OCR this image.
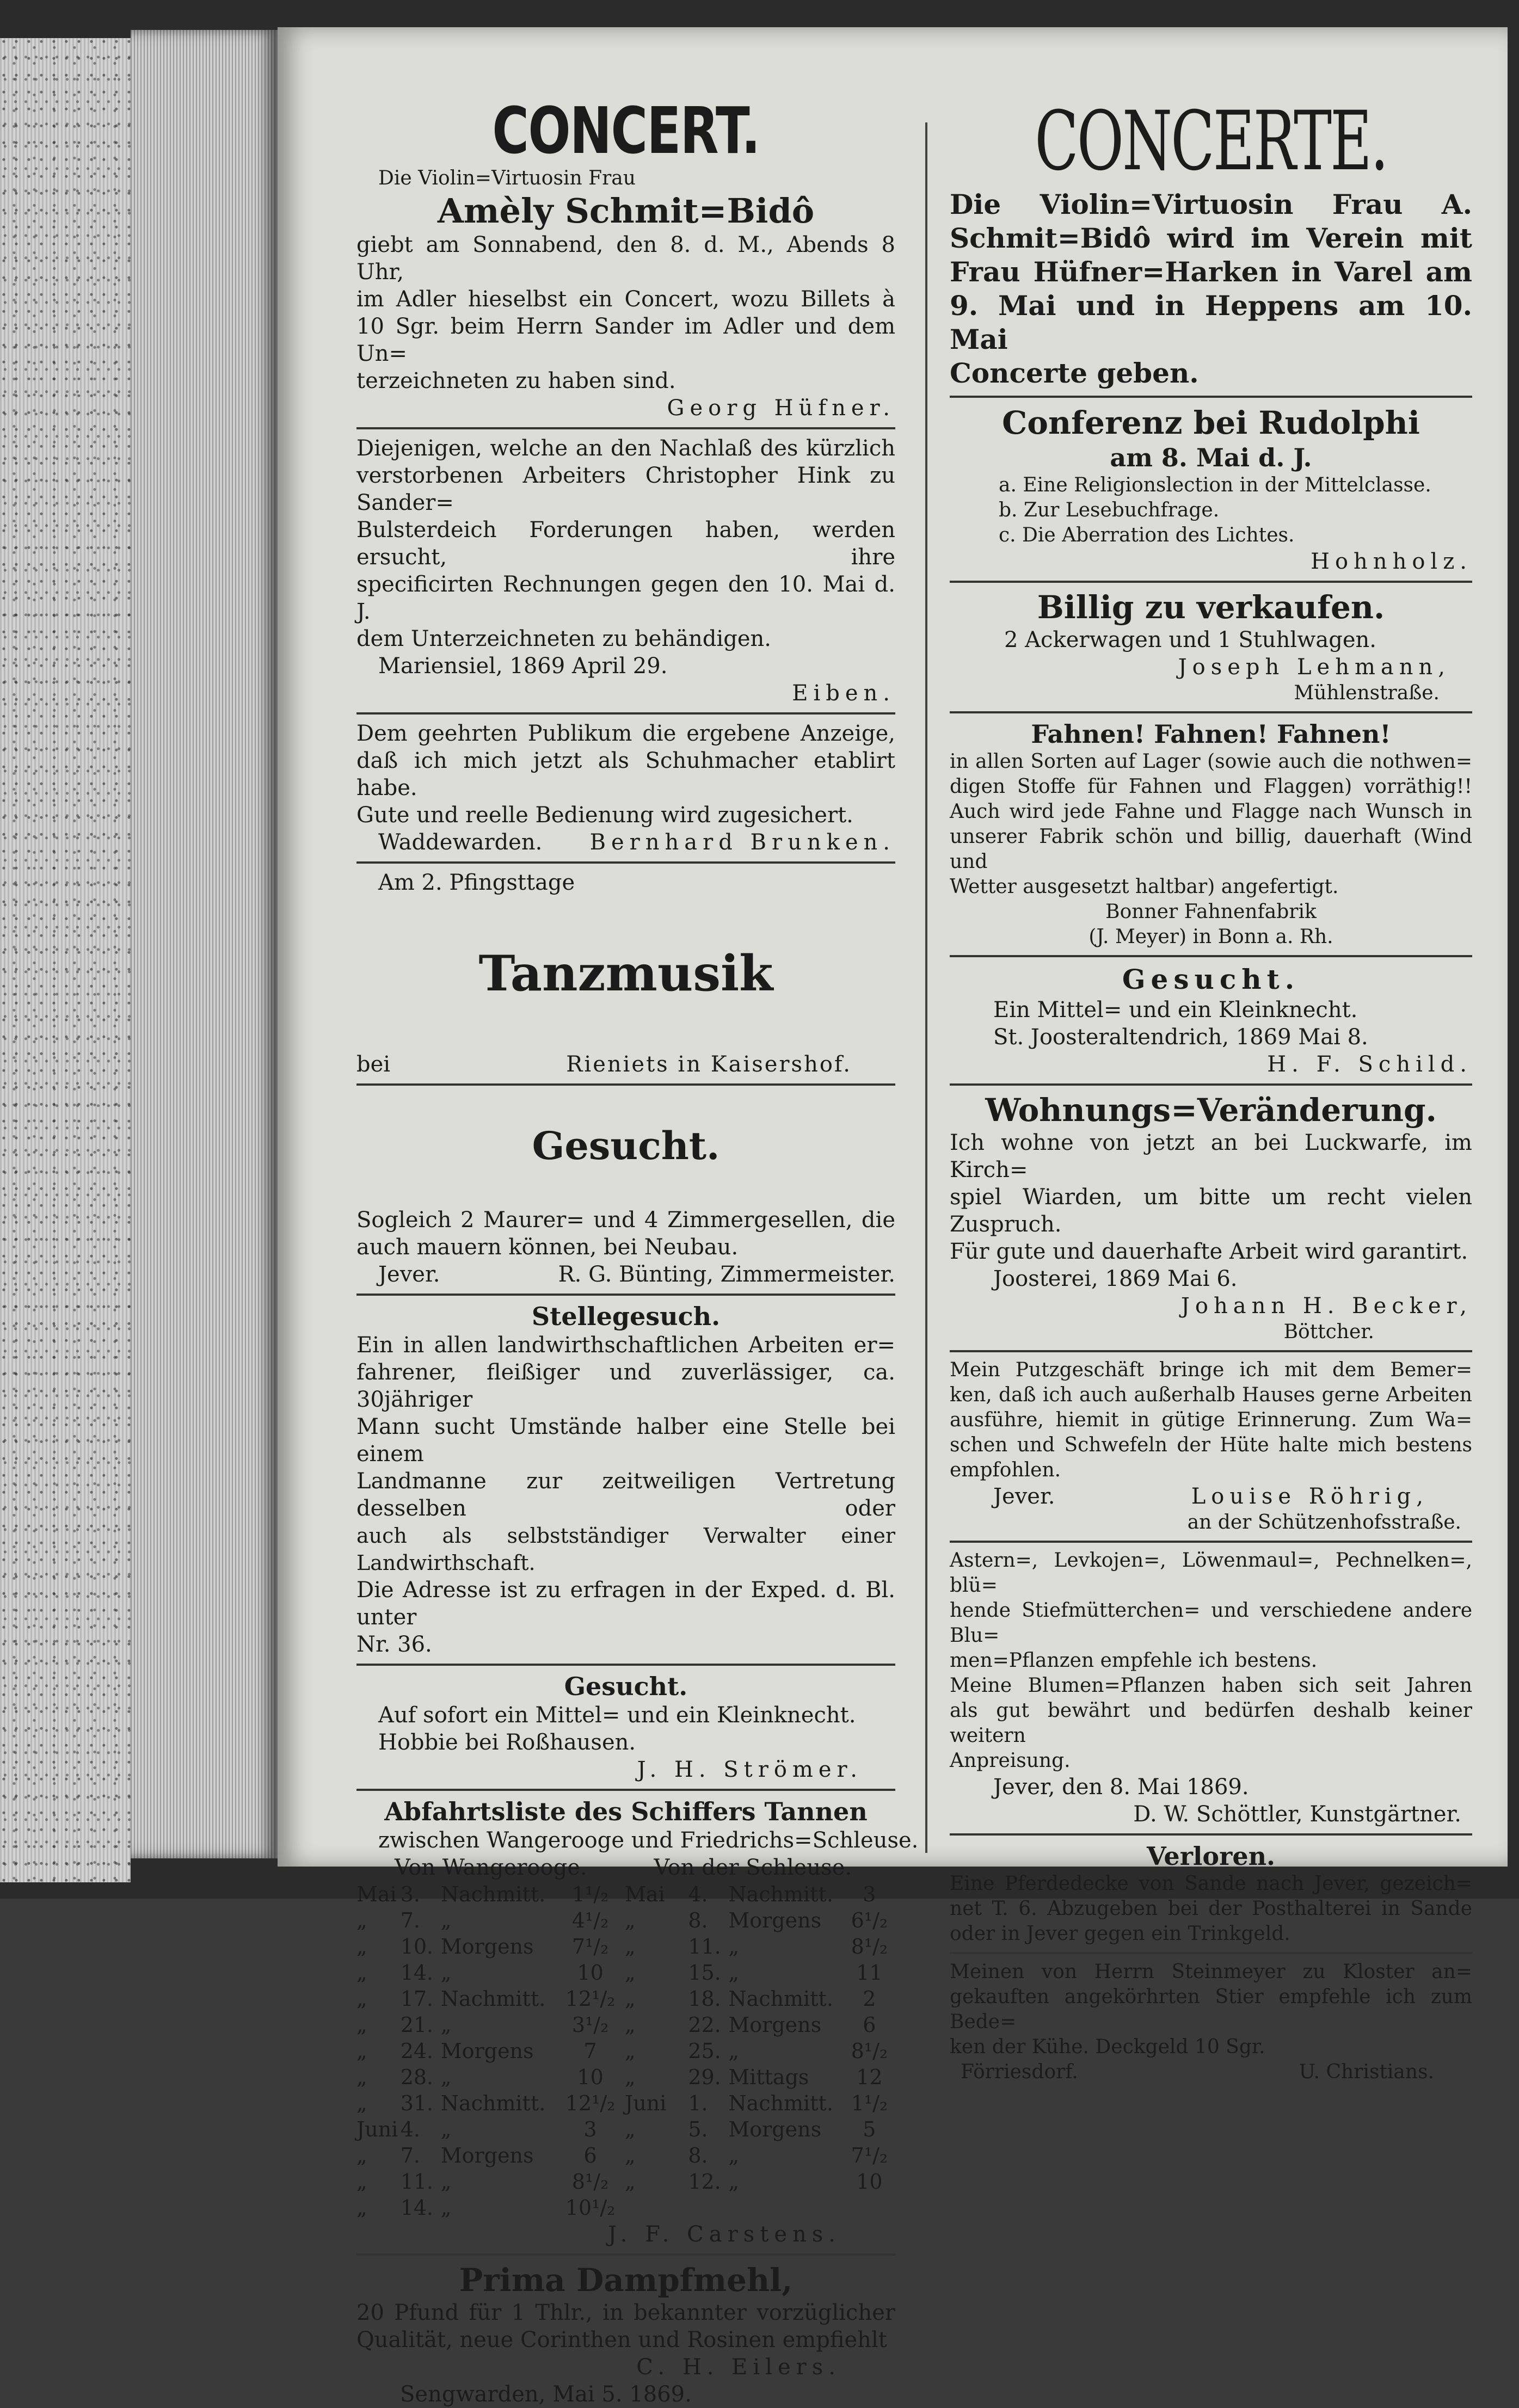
CONCERT.

Die Violin=Virtuosin Frau

Amèly Schmit=Bidô

giebt am Sonnabend, den 8. d. M., Abends 8 Uhr,

im Adler hieselbst ein Concert, wozu Billets à

10 Sgr. beim Herrn Sander im Adler und dem Un=

terzeichneten zu haben sind.

Georg Hüfner.

Diejenigen, welche an den Nachlaß des kürzlich

verstorbenen Arbeiters Christopher Hink zu Sander=

Bulsterdeich Forderungen haben, werden ersucht, ihre

specificirten Rechnungen gegen den 10. Mai d. J.

dem Unterzeichneten zu behändigen.

Mariensiel, 1869 April 29.

Eiben.

Dem geehrten Publikum die ergebene Anzeige,

daß ich mich jetzt als Schuhmacher etablirt habe.

Gute und reelle Bedienung wird zugesichert.

Waddewarden. Bernhard Brunken.

Am 2. Pfingsttage

Tanzmusik

bei	Rieniets in Kaisershof.

Gesucht.

Sogleich 2 Maurer= und 4 Zimmergesellen, die

auch mauern können, bei Neubau.

Jever.	R. G. Bünting, Zimmermeister.

Stellegesuch.

Ein in allen landwirthschaftlichen Arbeiten er=

fahrener, fleißiger und zuverlässiger, ca. 30jähriger

Mann sucht Umstände halber eine Stelle bei einem

Landmanne zur zeitweiligen Vertretung desselben oder

auch als selbstständiger Verwalter einer Landwirthschaft.

Die Adresse ist zu erfragen in der Exped. d. Bl. unter

Nr. 36.

Gesucht.

Auf sofort ein Mittel= und ein Kleinknecht.

Hobbie bei Roßhausen.

J. H. Strömer.

Abfahrtsliste des Schiffers Tannen

zwischen Wangerooge und Friedrichs=Schleuse.

Von Wangerooge.	Von der Schleuse.
Mai	3.	Nachmitt.	1¹/₂	Mai	4.	Nachmitt.	3
„	7.	„	4¹/₂	„	8.	Morgens	6¹/₂
„	10.	Morgens	7¹/₂	„	11.	„	8¹/₂
„	14.	„	10	„	15.	„	11
„	17.	Nachmitt.	12¹/₂	„	18.	Nachmitt.	2
„	21.	„	3¹/₂	„	22.	Morgens	6
„	24.	Morgens	7	„	25.	„	8¹/₂
„	28.	„	10	„	29.	Mittags	12
„	31.	Nachmitt.	12¹/₂	Juni	1.	Nachmitt.	1¹/₂
Juni	4.	„	3	„	5.	Morgens	5
„	7.	Morgens	6	„	8.	„	7¹/₂
„	11.	„	8¹/₂	„	12.	„	10
„	14.	„	10¹/₂				

J. F. Carstens.

Prima Dampfmehl,

20 Pfund für 1 Thlr., in bekannter vorzüglicher

Qualität, neue Corinthen und Rosinen empfiehlt

C. H. Eilers.

Sengwarden, Mai 5. 1869.

CONCERTE.

Die Violin=Virtuosin Frau A.

Schmit=Bidô wird im Verein mit

Frau Hüfner=Harken in Varel am

9. Mai und in Heppens am 10. Mai

Concerte geben.

Conferenz bei Rudolphi

am 8. Mai d. J.

a. Eine Religionslection in der Mittelclasse.

b. Zur Lesebuchfrage.

c. Die Aberration des Lichtes.

Hohnholz.

Billig zu verkaufen.

2 Ackerwagen und 1 Stuhlwagen.

Joseph Lehmann,

Mühlenstraße.

Fahnen! Fahnen! Fahnen!

in allen Sorten auf Lager (sowie auch die nothwen=

digen Stoffe für Fahnen und Flaggen) vorräthig!!

Auch wird jede Fahne und Flagge nach Wunsch in

unserer Fabrik schön und billig, dauerhaft (Wind und

Wetter ausgesetzt haltbar) angefertigt.

Bonner Fahnenfabrik

(J. Meyer) in Bonn a. Rh.

Gesucht.

Ein Mittel= und ein Kleinknecht.

St. Joosteraltendrich, 1869 Mai 8.

H. F. Schild.

Wohnungs=Veränderung.

Ich wohne von jetzt an bei Luckwarfe, im Kirch=

spiel Wiarden, um bitte um recht vielen Zuspruch.

Für gute und dauerhafte Arbeit wird garantirt.

Joosterei, 1869 Mai 6.

Johann H. Becker,

Böttcher.

Mein Putzgeschäft bringe ich mit dem Bemer=

ken, daß ich auch außerhalb Hauses gerne Arbeiten

ausführe, hiemit in gütige Erinnerung. Zum Wa=

schen und Schwefeln der Hüte halte mich bestens

empfohlen.

Jever.	Louise Röhrig,

an der Schützenhofsstraße.

Astern=, Levkojen=, Löwenmaul=, Pechnelken=, blü=

hende Stiefmütterchen= und verschiedene andere Blu=

men=Pflanzen empfehle ich bestens.

Meine Blumen=Pflanzen haben sich seit Jahren

als gut bewährt und bedürfen deshalb keiner weitern

Anpreisung.

Jever, den 8. Mai 1869.

D. W. Schöttler, Kunstgärtner.

Verloren.

Eine Pferdedecke von Sande nach Jever, gezeich=

net T. 6. Abzugeben bei der Posthalterei in Sande

oder in Jever gegen ein Trinkgeld.

Meinen von Herrn Steinmeyer zu Kloster an=

gekauften angekörhrten Stier empfehle ich zum Bede=

ken der Kühe. Deckgeld 10 Sgr.

Förriesdorf.	U. Christians.
